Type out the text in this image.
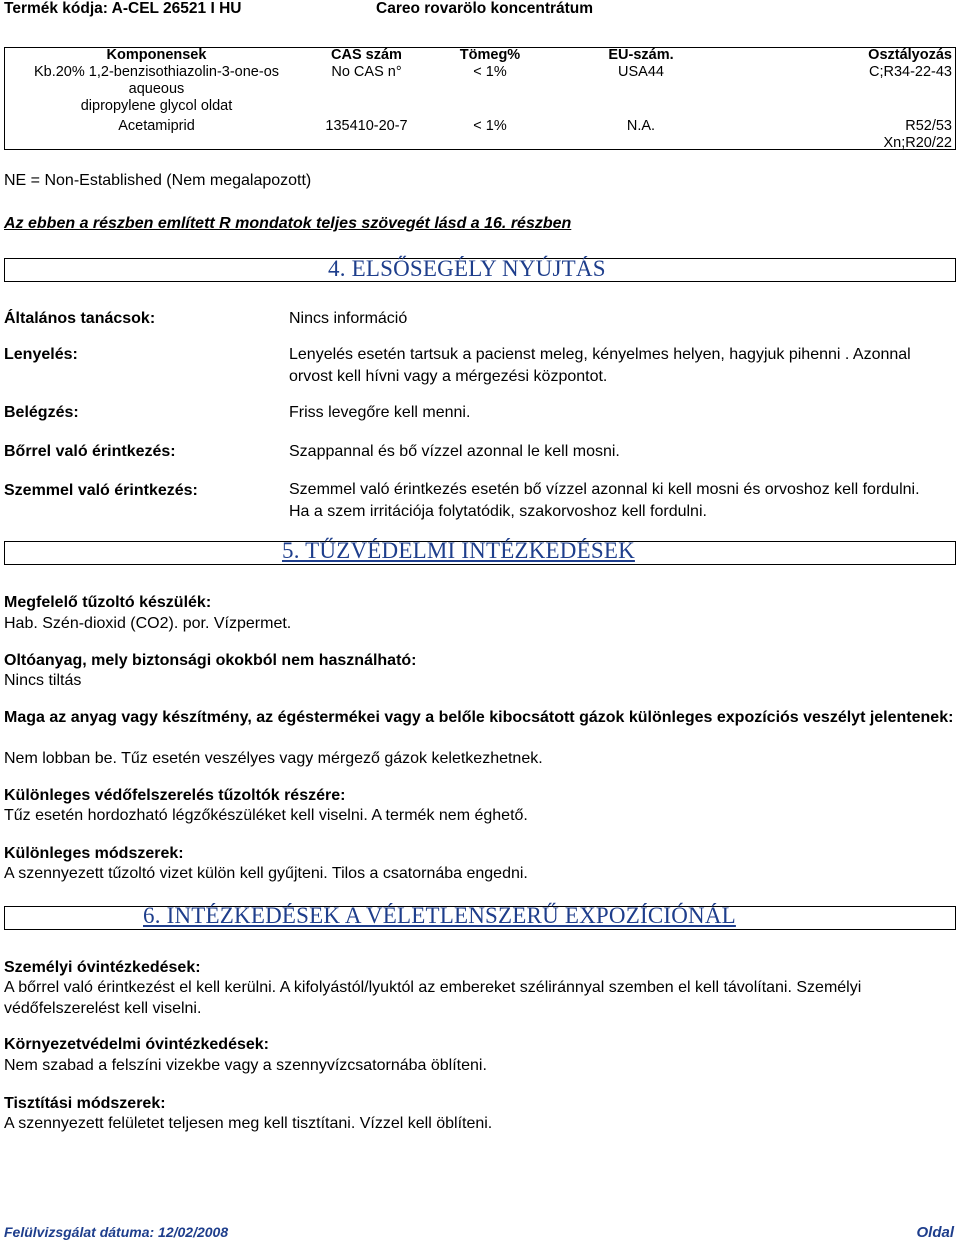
Termék kódja: A-CEL 26521 I HU	Careo rovarölo koncentrátum
Komponensek	CAS szám	Tömeg%	EU-szám.	Osztályozás
Kb.20% 1,2-benzisothiazolin-3-one-os aqueous
dipropylene glycol oldat	No CAS n°	< 1%	USA44	C;R34-22-43
Acetamiprid	135410-20-7	< 1%	N.A.	R52/53
Xn;R20/22
NE = Non-Established (Nem megalapozott)
Az ebben a részben említett R mondatok teljes szövegét lásd a 16. részben
4. ELSŐSEGÉLY NYÚJTÁS
Általános tanácsok:	Nincs információ
Lenyelés:	Lenyelés esetén tartsuk a pacienst meleg, kényelmes helyen, hagyjuk pihenni . Azonnal orvost kell hívni vagy a mérgezési központot.
Belégzés:	Friss levegőre kell menni.
Bőrrel való érintkezés:	Szappannal és bő vízzel azonnal le kell mosni.
Szemmel való érintkezés:	Szemmel való érintkezés esetén bő vízzel azonnal ki kell mosni és orvoshoz kell fordulni. Ha a szem irritációja folytatódik, szakorvoshoz kell fordulni.
5. TŰZVÉDELMI INTÉZKEDÉSEK
Megfelelő tűzoltó készülék:
Hab. Szén-dioxid (CO2). por. Vízpermet.
Oltóanyag, mely biztonsági okokból nem használható:
Nincs tiltás
Maga az anyag vagy készítmény, az égéstermékei vagy a belőle kibocsátott gázok különleges expozíciós veszélyt jelentenek:
Nem lobban be. Tűz esetén veszélyes vagy mérgező gázok keletkezhetnek.
Különleges védőfelszerelés tűzoltók részére:
Tűz esetén hordozható légzőkészüléket kell viselni. A termék nem éghető.
Különleges módszerek:
A szennyezett tűzoltó vizet külön kell gyűjteni. Tilos a csatornába engedni.
6. INTÉZKEDÉSEK A VÉLETLENSZERŰ EXPOZÍCIÓNÁL
Személyi óvintézkedések:
A bőrrel való érintkezést el kell kerülni. A kifolyástól/lyuktól az embereket széliránnyal szemben el kell távolítani. Személyi védőfelszerelést kell viselni.
Környezetvédelmi óvintézkedések:
Nem szabad a felszíni vizekbe vagy a szennyvízcsatornába öblíteni.
Tisztítási módszerek:
A szennyezett felületet teljesen meg kell tisztítani. Vízzel kell öblíteni.
Felülvizsgálat dátuma: 12/02/2008	Oldal
